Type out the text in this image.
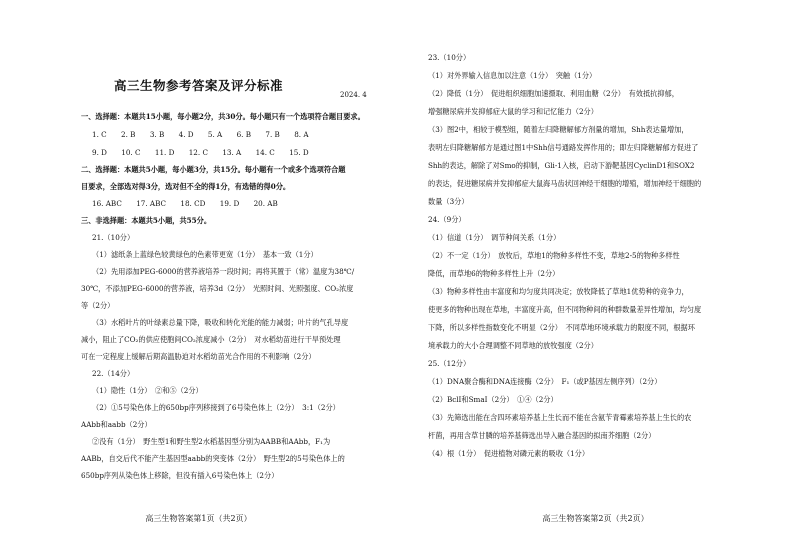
高三生物参考答案及评分标准
2024. 4
一、选择题：本题共15小题，每小题2分，共30分。每小题只有一个选项符合题目要求。
1. C　　2. B　　3. B　　4. D　　5. A　　6. B　　7. B　　8. A
9. D　　10. C　　11. D　　12. C　　13. A　　14. C　　15. D
二、选择题：本题共5小题，每小题3分，共15分。每小题有一个或多个选项符合题
目要求，全部选对得3分，选对但不全的得1分，有选错的得0分。
16. ABC　　17. ABC　　18. CD　　19. D　　20. AB
三、非选择题：本题共5小题，共55分。
21.（10分）
（1）滤纸条上蓝绿色较黄绿色的色素带更宽（1分）　基本一致（1分）
（2）先用添加PEG-6000的营养液培养一段时间；再将其置于（常）温度为38℃/
30℃，不添加PEG-6000的营养液，培养3d（2分）　光照时间、光照强度、CO₂浓度
等（2分）
（3）水稻叶片的叶绿素总量下降，吸收和转化光能的能力减弱；叶片的气孔导度
减小，阻止了CO₂的供应使胞间CO₂浓度减小（2分）　对水稻幼苗进行干旱预处理
可在一定程度上缓解后期高温胁迫对水稻幼苗光合作用的不利影响（2分）
22.（14分）
（1）隐性（1分）　②和⑤（2分）
（2）①5号染色体上的650bp序列移接到了6号染色体上（2分）　3:1（2分）
AAbb和aabb（2分）
②没有（1分）　野生型1和野生型2水稻基因型分别为AABB和AAbb，F₁为
AABb，自交后代不能产生基因型aabb的突变体（2分）　野生型2的5号染色体上的
650bp序列从染色体上移除，但没有插入6号染色体上（2分）
高三生物答案第1页（共2页）
23.（10分）
（1）对外界输入信息加以注意（1分）　突触（1分）
（2）降低（1分）　促进组织细胞加速摄取、利用血糖（2分）　有效抵抗抑郁，
增强糖尿病并发抑郁症大鼠的学习和记忆能力（2分）
（3）图2中，相较于模型组，随着左归降糖解郁方剂量的增加，Shh表达量增加，
表明左归降糖解郁方是通过图1中Shh信号通路发挥作用的；即左归降糖解郁方促进了
Shh的表达，解除了对Smo的抑制，Gli-1入核，启动下游靶基因CyclinD1和SOX2
的表达，促进糖尿病并发抑郁症大鼠海马齿状回神经干细胞的增殖，增加神经干细胞的
数量（3分）
24.（9分）
（1）信道（1分）　调节种间关系（1分）
（2）不一定（1分）　放牧后，草地1的物种多样性不变，草地2-5的物种多样性
降低，而草地6的物种多样性上升（2分）
（3）物种多样性由丰富度和均匀度共同决定；放牧降低了草地1优势种的竞争力，
使更多的物种出现在草地，丰富度升高，但不同物种间的种群数量差异性增加，均匀度
下降，所以多样性指数变化不明显（2分）　不同草地环境承载力的限度不同，根据环
境承载力的大小合理调整不同草地的放牧强度（2分）
25.（12分）
（1）DNA聚合酶和DNA连接酶（2分）　F₁（或P基因左侧序列）（2分）
（2）BclⅠ和SmaⅠ（2分）　①④（2分）
（3）先筛选出能在含四环素培养基上生长而不能在含氨苄青霉素培养基上生长的农
杆菌，再用含草甘膦的培养基筛选出导入融合基因的拟南芥细胞（2分）
（4）根（1分）　促进植物对磷元素的吸收（1分）
高三生物答案第2页（共2页）
